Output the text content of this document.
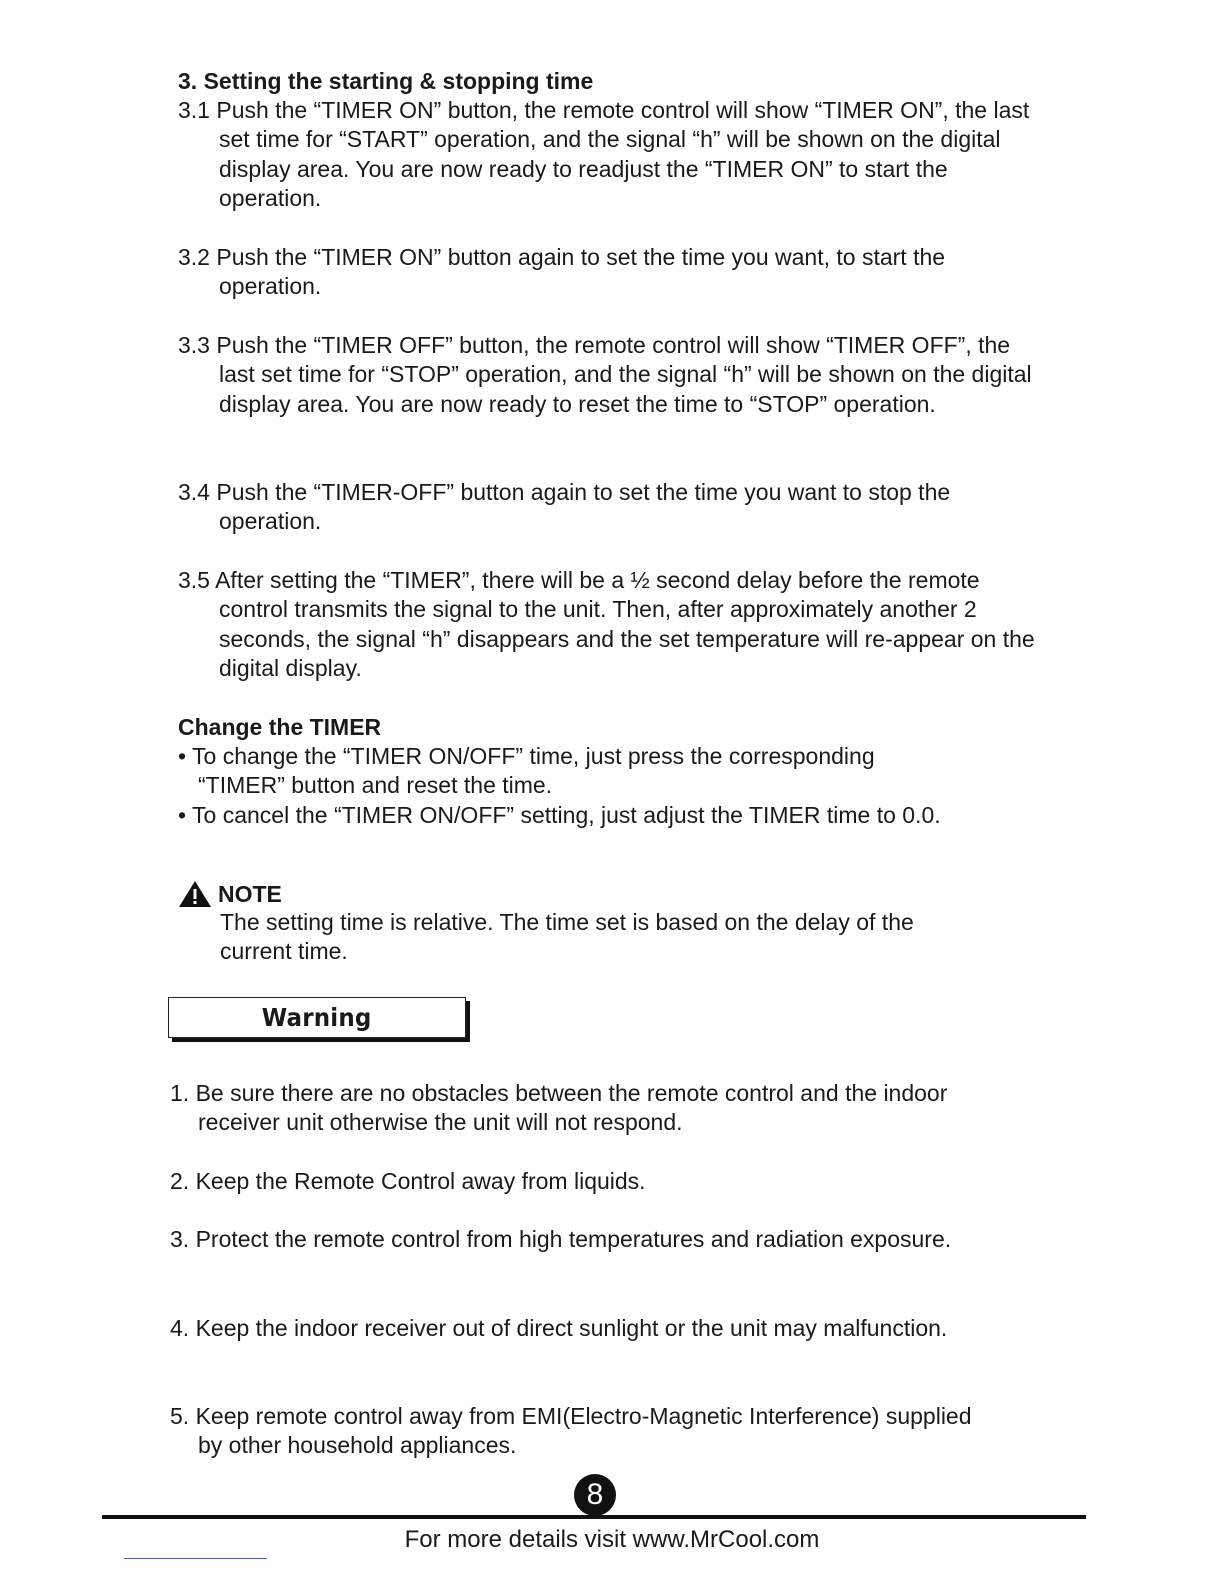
3. Setting the starting & stopping time

3.1 Push the “TIMER ON” button, the remote control will show “TIMER ON”, the last set time for “START” operation, and the signal “h” will be shown on the digital display area. You are now ready to readjust the “TIMER ON” to start the operation.

3.2 Push the “TIMER ON” button again to set the time you want, to start the operation.

3.3 Push the “TIMER OFF” button, the remote control will show “TIMER OFF”, the last set time for “STOP” operation, and the signal “h” will be shown on the digital display area. You are now ready to reset the time to “STOP” operation.

3.4 Push the “TIMER-OFF” button again to set the time you want to stop the operation.

3.5 After setting the “TIMER”, there will be a ½ second delay before the remote control transmits the signal to the unit. Then, after approximately another 2 seconds, the signal “h” disappears and the set temperature will re-appear on the digital display.

Change the TIMER

• To change the “TIMER ON/OFF” time, just press the corresponding “TIMER” button and reset the time.

• To cancel the “TIMER ON/OFF” setting, just adjust the TIMER time to 0.0.

NOTE

The setting time is relative. The time set is based on the delay of the current time.

Warning

1. Be sure there are no obstacles between the remote control and the indoor receiver unit otherwise the unit will not respond.

2. Keep the Remote Control away from liquids.

3. Protect the remote control from high temperatures and radiation exposure.

4. Keep the indoor receiver out of direct sunlight or the unit may malfunction.

5. Keep remote control away from EMI(Electro-Magnetic Interference) supplied by other household appliances.

8
For more details visit www.MrCool.com
